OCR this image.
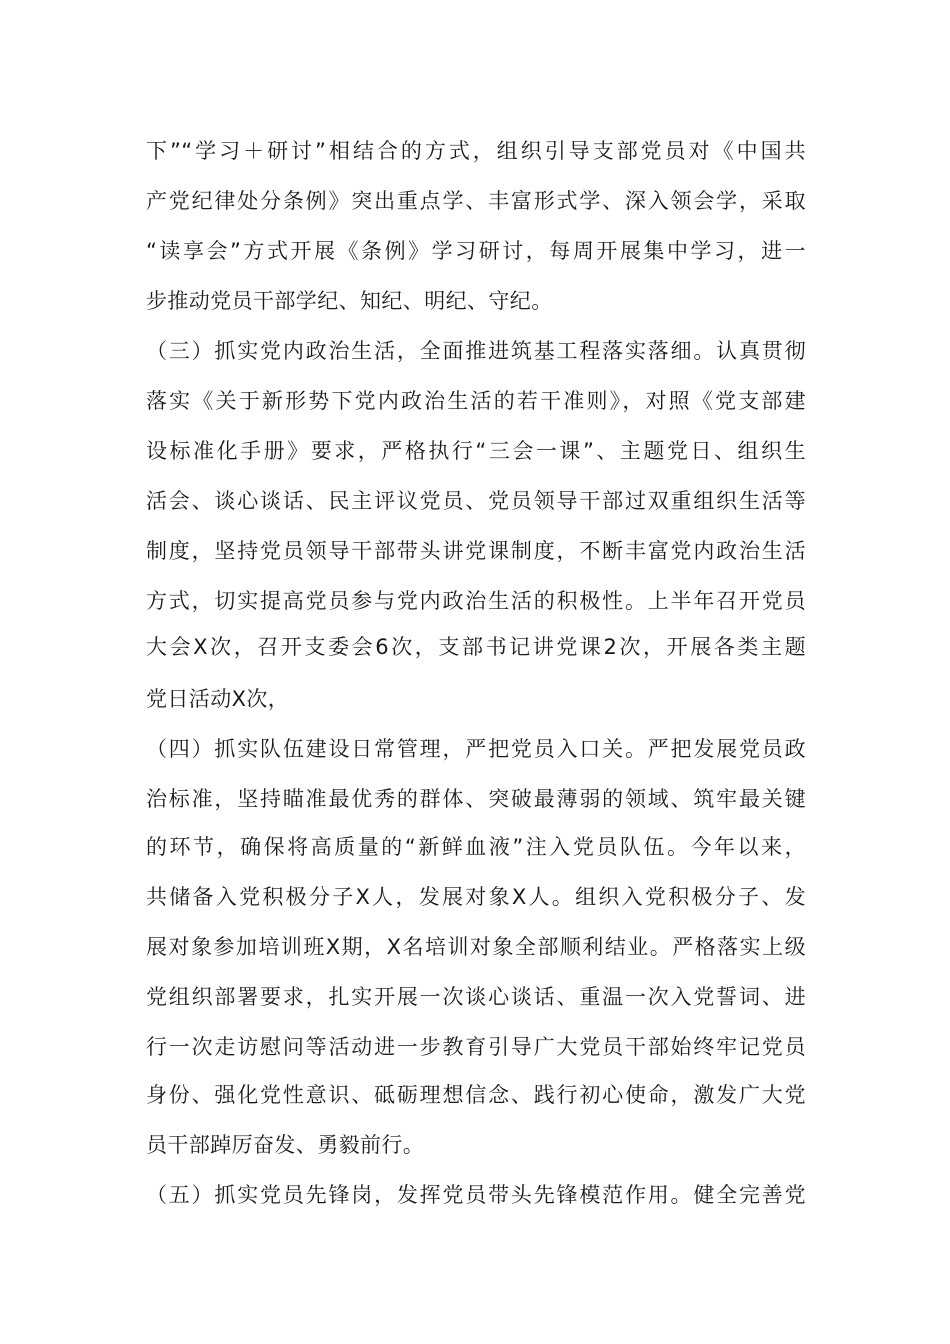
下”“学习＋研讨”相结合的方式，组织引导支部党员对《中国共
产党纪律处分条例》突出重点学、丰富形式学、深入领会学，采取
“读享会”方式开展《条例》学习研讨，每周开展集中学习，进一
步推动党员干部学纪、知纪、明纪、守纪。
（三）抓实党内政治生活，全面推进筑基工程落实落细。认真贯彻
落实《关于新形势下党内政治生活的若干准则》，对照《党支部建
设标准化手册》要求，严格执行“三会一课”、主题党日、组织生
活会、谈心谈话、民主评议党员、党员领导干部过双重组织生活等
制度，坚持党员领导干部带头讲党课制度，不断丰富党内政治生活
方式，切实提高党员参与党内政治生活的积极性。上半年召开党员
大会X次，召开支委会6次，支部书记讲党课2次，开展各类主题
党日活动X次，
（四）抓实队伍建设日常管理，严把党员入口关。严把发展党员政
治标准，坚持瞄准最优秀的群体、突破最薄弱的领域、筑牢最关键
的环节，确保将高质量的“新鲜血液”注入党员队伍。今年以来，
共储备入党积极分子X人，发展对象X人。组织入党积极分子、发
展对象参加培训班X期，X名培训对象全部顺利结业。严格落实上级
党组织部署要求，扎实开展一次谈心谈话、重温一次入党誓词、进
行一次走访慰问等活动进一步教育引导广大党员干部始终牢记党员
身份、强化党性意识、砥砺理想信念、践行初心使命，激发广大党
员干部踔厉奋发、勇毅前行。
（五）抓实党员先锋岗，发挥党员带头先锋模范作用。健全完善党
